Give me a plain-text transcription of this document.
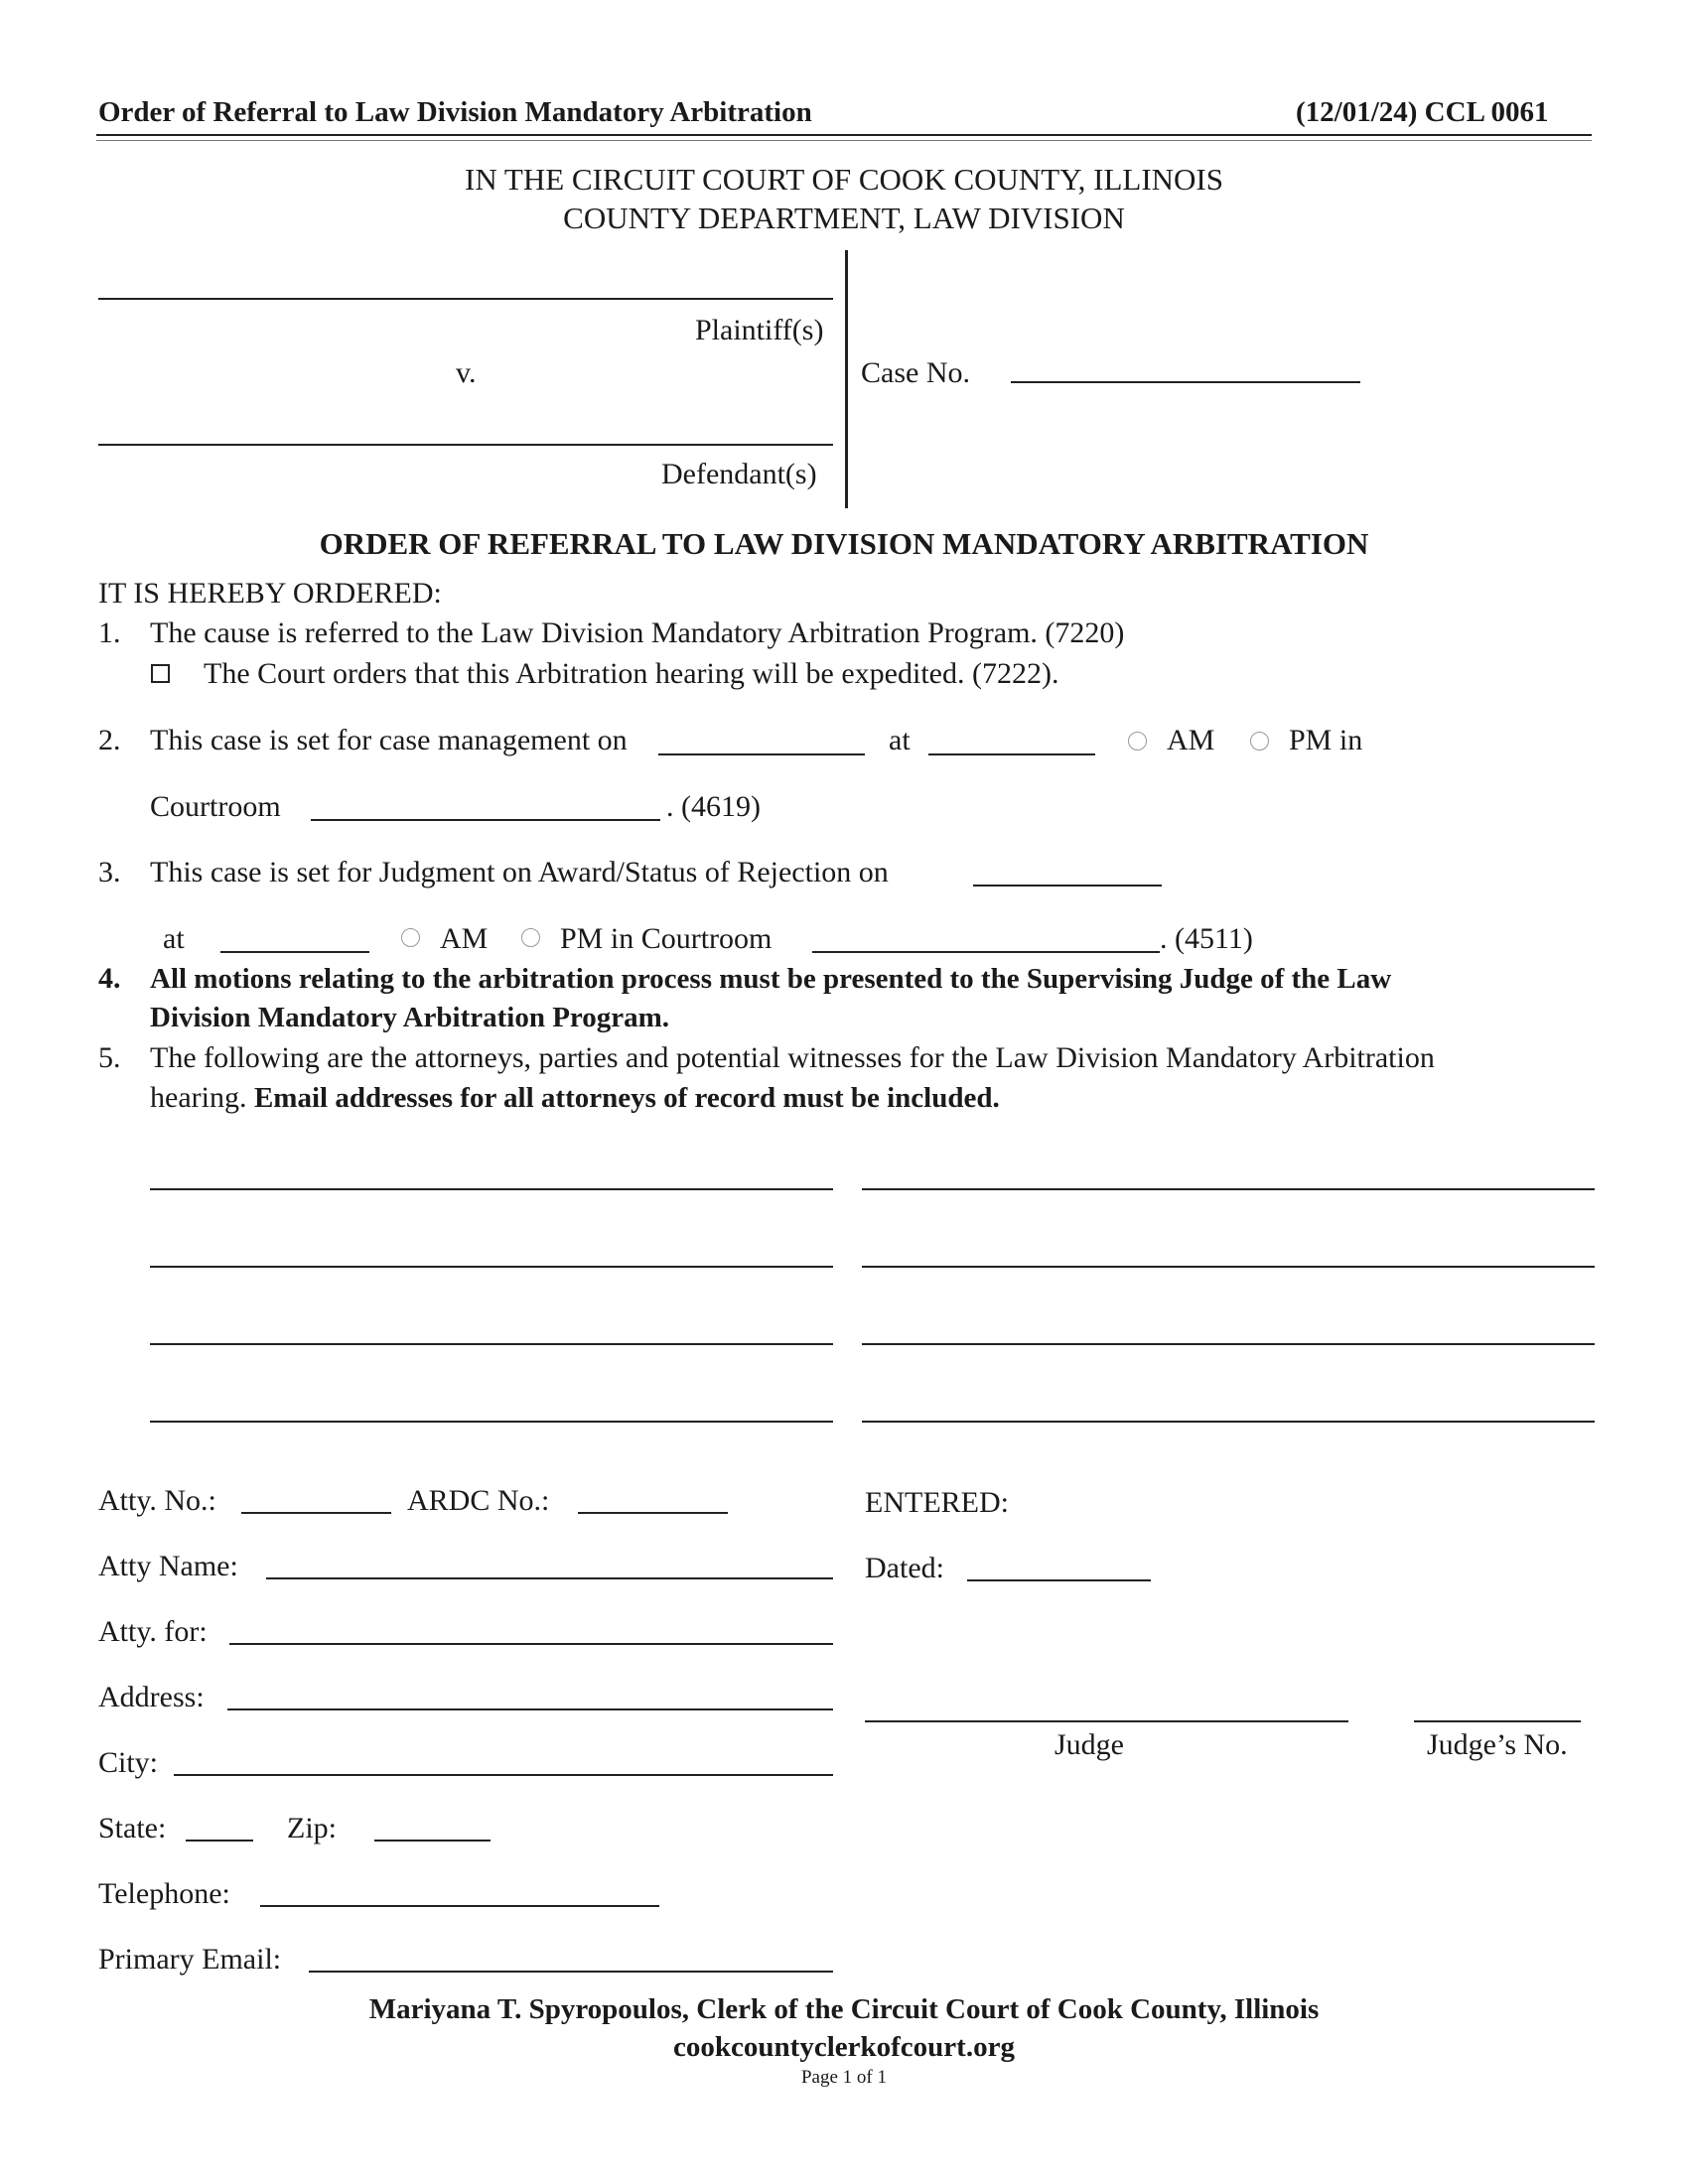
Order of Referral to Law Division Mandatory Arbitration	(12/01/24) CCL 0061
IN THE CIRCUIT COURT OF COOK COUNTY, ILLINOIS
COUNTY DEPARTMENT, LAW DIVISION
Plaintiff(s)
v.
Defendant(s)
Case No.
ORDER OF REFERRAL TO LAW DIVISION MANDATORY ARBITRATION
IT IS HEREBY ORDERED:
1. The cause is referred to the Law Division Mandatory Arbitration Program. (7220)
The Court orders that this Arbitration hearing will be expedited. (7222).
2. This case is set for case management on	at	AM PM in
Courtroom	. (4619)
3. This case is set for Judgment on Award/Status of Rejection on
at	AM PM in Courtroom	. (4511)
4. All motions relating to the arbitration process must be presented to the Supervising Judge of the Law
Division Mandatory Arbitration Program.
5. The following are the attorneys, parties and potential witnesses for the Law Division Mandatory Arbitration
hearing. Email addresses for all attorneys of record must be included.
Atty. No.:	ARDC No.:
Atty Name:
Atty. for:
Address:
City:
State:	Zip:
Telephone:
Primary Email:
ENTERED:
Dated:
Judge	Judge’s No.
Mariyana T. Spyropoulos, Clerk of the Circuit Court of Cook County, Illinois
cookcountyclerkofcourt.org
Page 1 of 1
